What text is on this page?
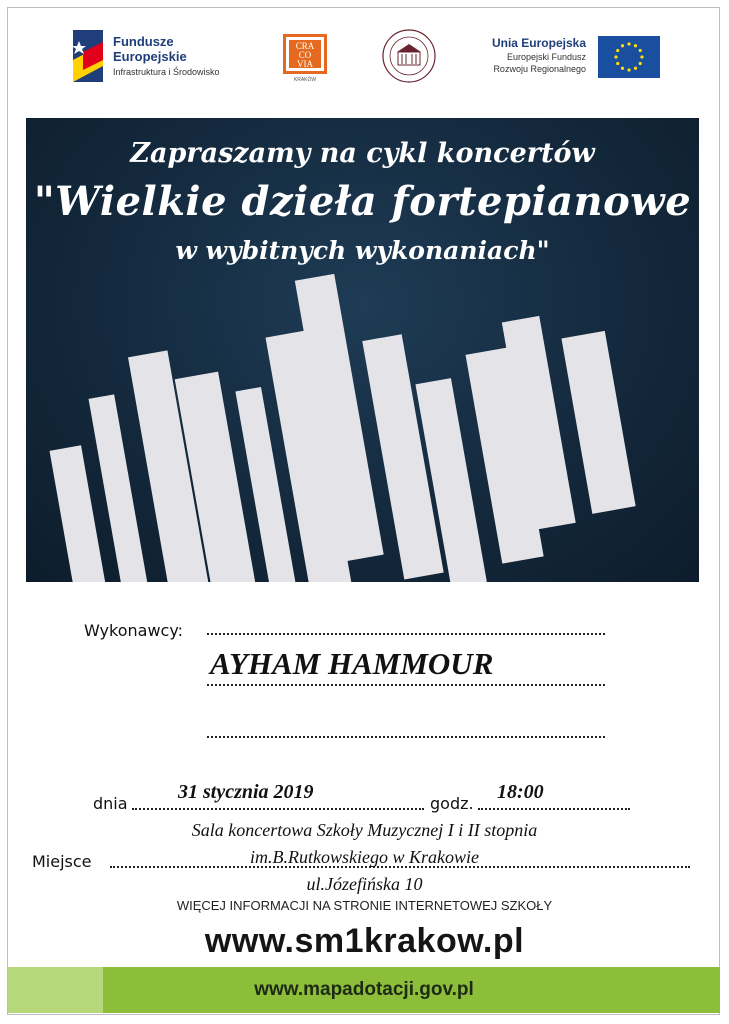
Fundusze
Europejskie
Infrastruktura i Środowisko
CRA
CO
VIA
KRAKÓW
Unia Europejska
Europejski Fundusz
Rozwoju Regionalnego
Zapraszamy na cykl koncertów
"Wielkie dzieła fortepianowe
w wybitnych wykonaniach"
Wykonawcy:
AYHAM HAMMOUR
dnia
31 stycznia 2019
godz.
18:00
Sala koncertowa Szkoły Muzycznej I i II stopnia
Miejsce	im.B.Rutkowskiego w Krakowie
ul.Józefińska 10
WIĘCEJ INFORMACJI NA STRONIE INTERNETOWEJ SZKOŁY
www.sm1krakow.pl
www.mapadotacji.gov.pl
